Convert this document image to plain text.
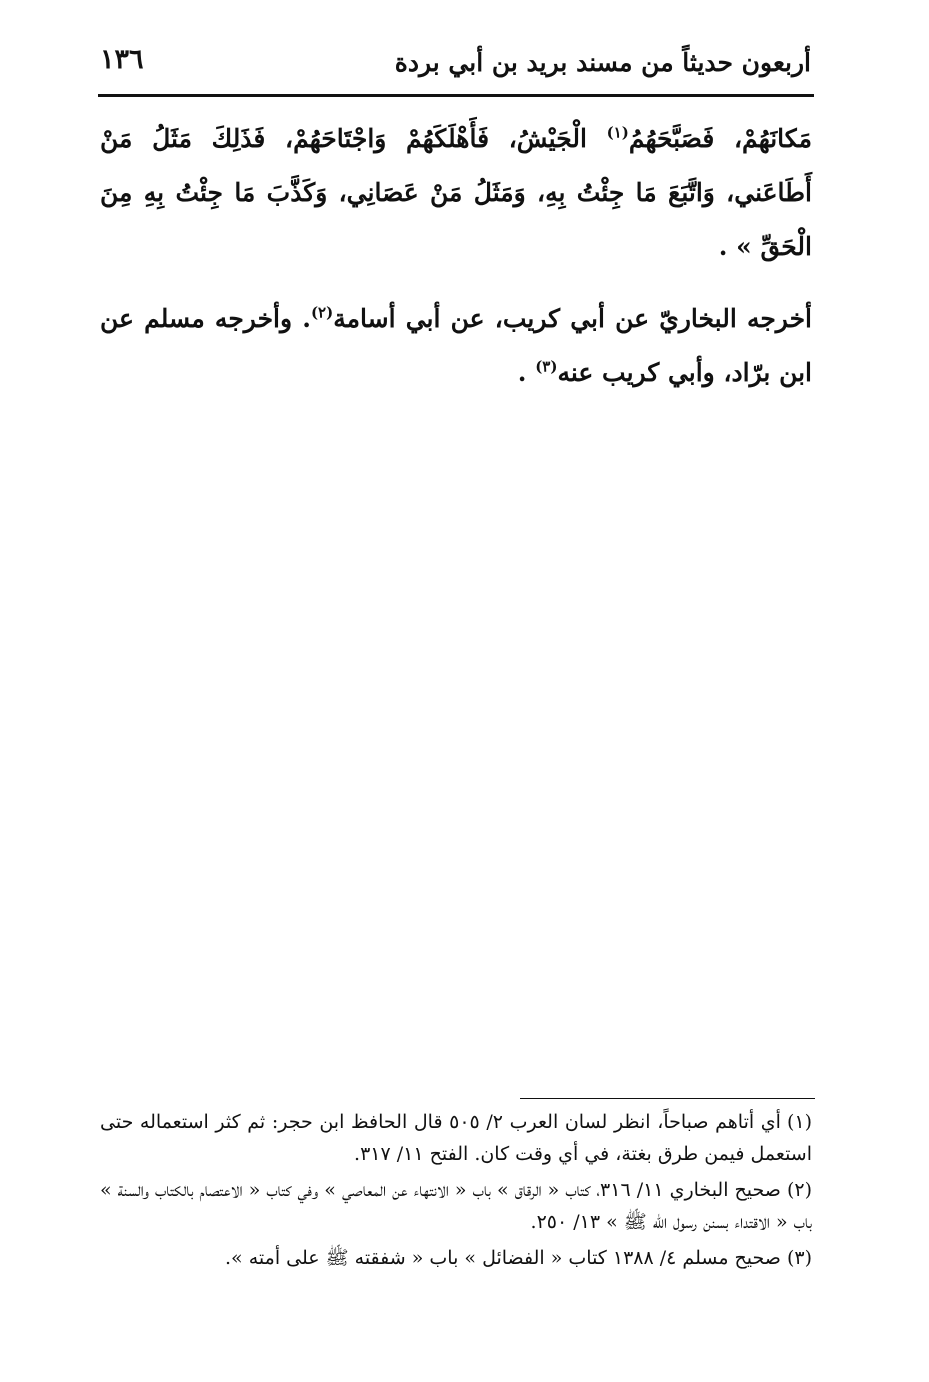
أربعون حديثاً من مسند بريد بن أبي بردة
١٣٦

مَكانَهُمْ، فَصَبَّحَهُمُ$^{(١)}$ الْجَيْشُ، فَأَهْلَكَهُمْ وَاجْتَاحَهُمْ، فَذَلِكَ مَثَلُ مَنْ أَطَاعَني، وَاتَّبَعَ مَا جِئْتُ بِهِ، وَمَثَلُ مَنْ عَصَانِي، وَكَذَّبَ مَا جِئْتُ بِهِ مِنَ الْحَقِّ » .

أخرجه البخاريّ عن أبي كريب، عن أبي أسامة$^{(٢)}$. وأخرجه مسلم عن ابن برّاد، وأبي كريب عنه$^{(٣)}$ .

(١)أي أتاهم صباحاً، انظر لسان العرب ٢/ ٥٠٥ قال الحافظ ابن حجر: ثم كثر استعماله حتى استعمل فيمن طرق بغتة، في أي وقت كان. الفتح ١١/ ٣١٧.
(٢)صحيح البخاري ١١/ ٣١٦، كتاب « الرقاق » باب « الانتهاء عن المعاصي » وفي كتاب « الاعتصام بالكتاب والسنة » باب « الاقتداء بسنن رسول الله ﷺ » ١٣/ ٢٥٠.
(٣)صحيح مسلم ٤/ ١٣٨٨ كتاب « الفضائل » باب « شفقته ﷺ على أمته ».
